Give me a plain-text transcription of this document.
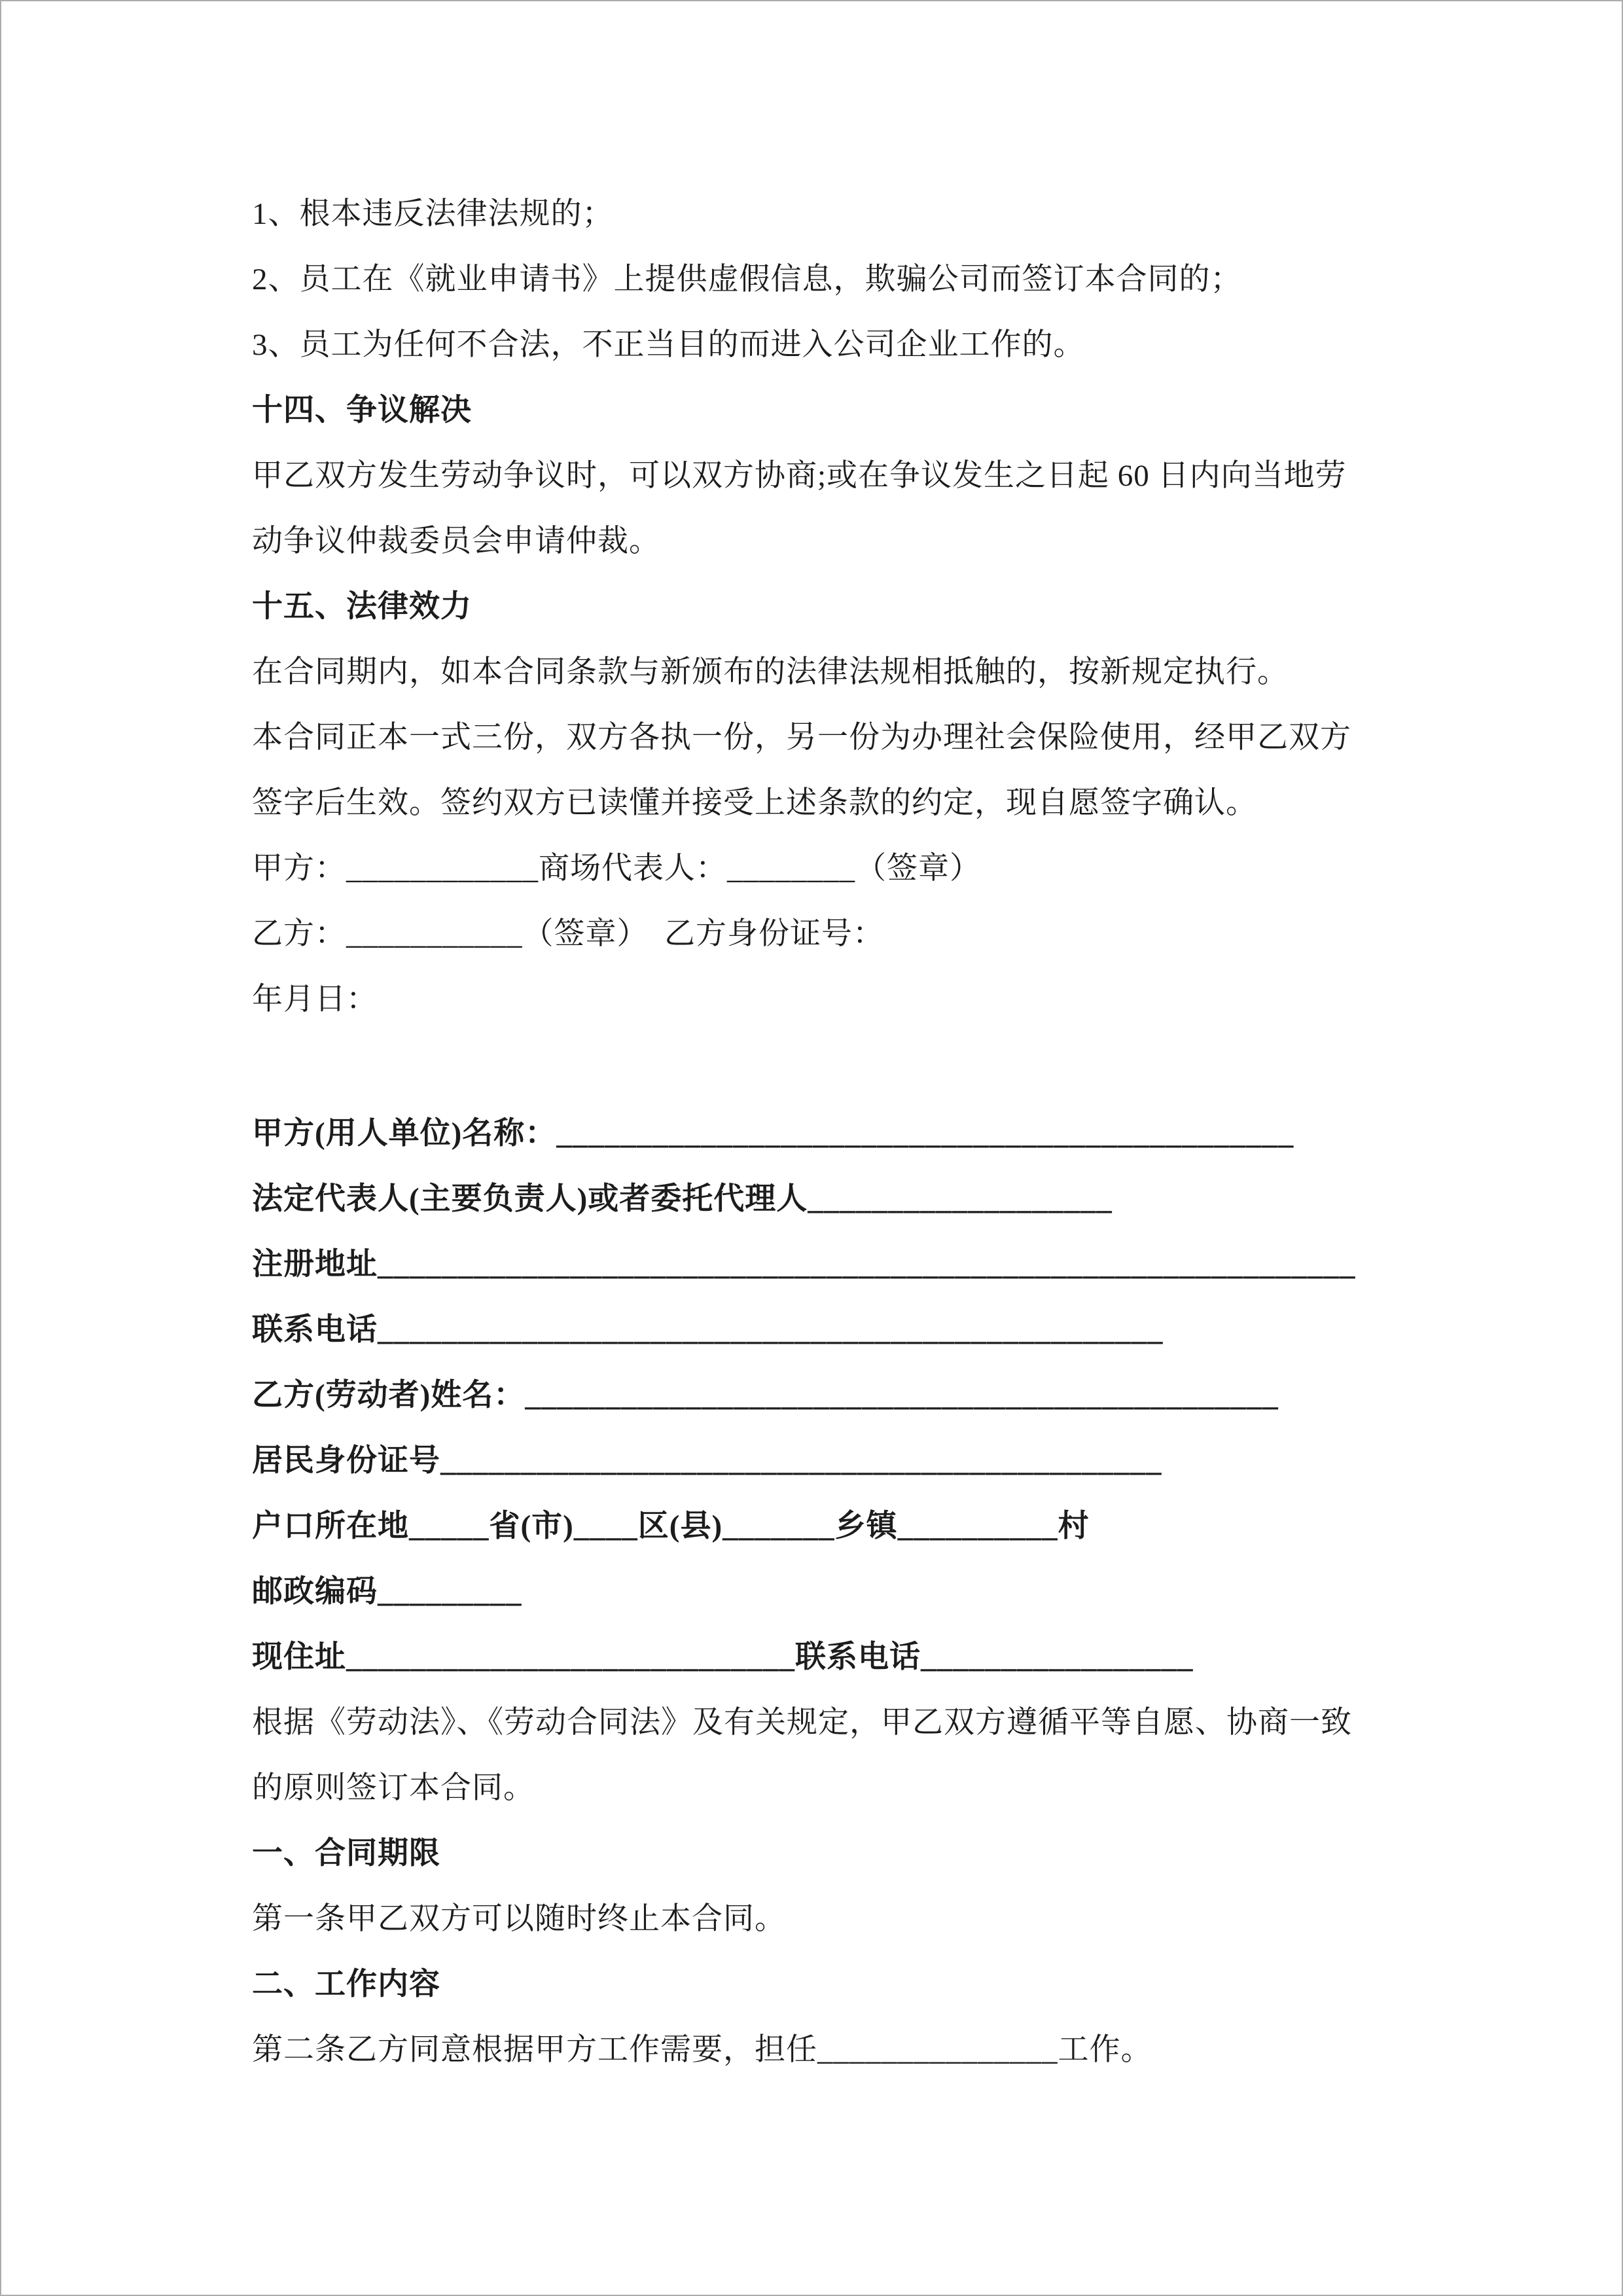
1、根本违反法律法规的；

2、员工在《就业申请书》上提供虚假信息，欺骗公司而签订本合同的；

3、员工为任何不合法，不正当目的而进入公司企业工作的。

十四、争议解决

甲乙双方发生劳动争议时，可以双方协商;或在争议发生之日起 60 日内向当地劳

动争议仲裁委员会申请仲裁。

十五、法律效力

在合同期内，如本合同条款与新颁布的法律法规相抵触的，按新规定执行。

本合同正本一式三份，双方各执一份，另一份为办理社会保险使用，经甲乙双方

签字后生效。签约双方已读懂并接受上述条款的约定，现自愿签字确认。

甲方：____________商场代表人：________（签章）

乙方：___________（签章）　乙方身份证号：

年月日：

甲方(用人单位)名称：______________________________________________

法定代表人(主要负责人)或者委托代理人___________________

注册地址_____________________________________________________________

联系电话_________________________________________________

乙方(劳动者)姓名：_______________________________________________

居民身份证号_____________________________________________

户口所在地_____省(市)____区(县)_______乡镇__________村

邮政编码_________

现住址____________________________联系电话_________________

根据《劳动法》、《劳动合同法》及有关规定，甲乙双方遵循平等自愿、协商一致

的原则签订本合同。

一、合同期限

第一条甲乙双方可以随时终止本合同。

二、工作内容

第二条乙方同意根据甲方工作需要，担任_______________工作。
